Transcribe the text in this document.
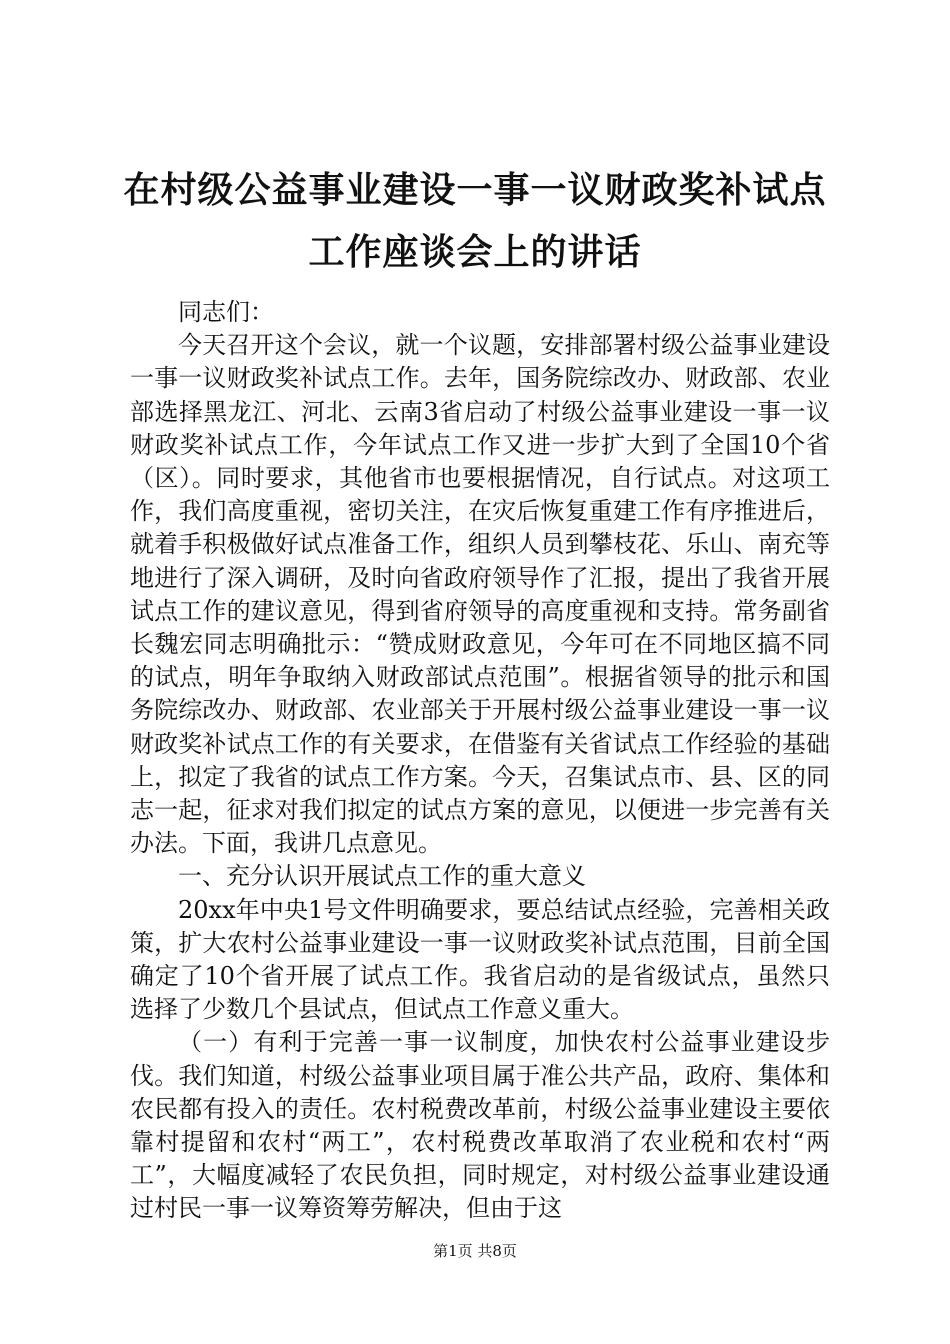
在村级公益事业建设一事一议财政奖补试点工作座谈会上的讲话

同志们：

今天召开这个会议，就一个议题，安排部署村级公益事业建设一事一议财政奖补试点工作。去年，国务院综改办、财政部、农业部选择黑龙江、河北、云南3省启动了村级公益事业建设一事一议财政奖补试点工作，今年试点工作又进一步扩大到了全国10个省（区）。同时要求，其他省市也要根据情况，自行试点。对这项工作，我们高度重视，密切关注，在灾后恢复重建工作有序推进后，就着手积极做好试点准备工作，组织人员到攀枝花、乐山、南充等地进行了深入调研，及时向省政府领导作了汇报，提出了我省开展试点工作的建议意见，得到省府领导的高度重视和支持。常务副省长魏宏同志明确批示：“赞成财政意见，今年可在不同地区搞不同的试点，明年争取纳入财政部试点范围”。根据省领导的批示和国务院综改办、财政部、农业部关于开展村级公益事业建设一事一议财政奖补试点工作的有关要求，在借鉴有关省试点工作经验的基础上，拟定了我省的试点工作方案。今天，召集试点市、县、区的同志一起，征求对我们拟定的试点方案的意见，以便进一步完善有关办法。下面，我讲几点意见。

一、充分认识开展试点工作的重大意义

20xx年中央1号文件明确要求，要总结试点经验，完善相关政策，扩大农村公益事业建设一事一议财政奖补试点范围，目前全国确定了10个省开展了试点工作。我省启动的是省级试点，虽然只选择了少数几个县试点，但试点工作意义重大。

（一）有利于完善一事一议制度，加快农村公益事业建设步伐。我们知道，村级公益事业项目属于准公共产品，政府、集体和农民都有投入的责任。农村税费改革前，村级公益事业建设主要依靠村提留和农村“两工”，农村税费改革取消了农业税和农村“两工”，大幅度减轻了农民负担，同时规定，对村级公益事业建设通过村民一事一议筹资筹劳解决，但由于这

第1页 共8页
